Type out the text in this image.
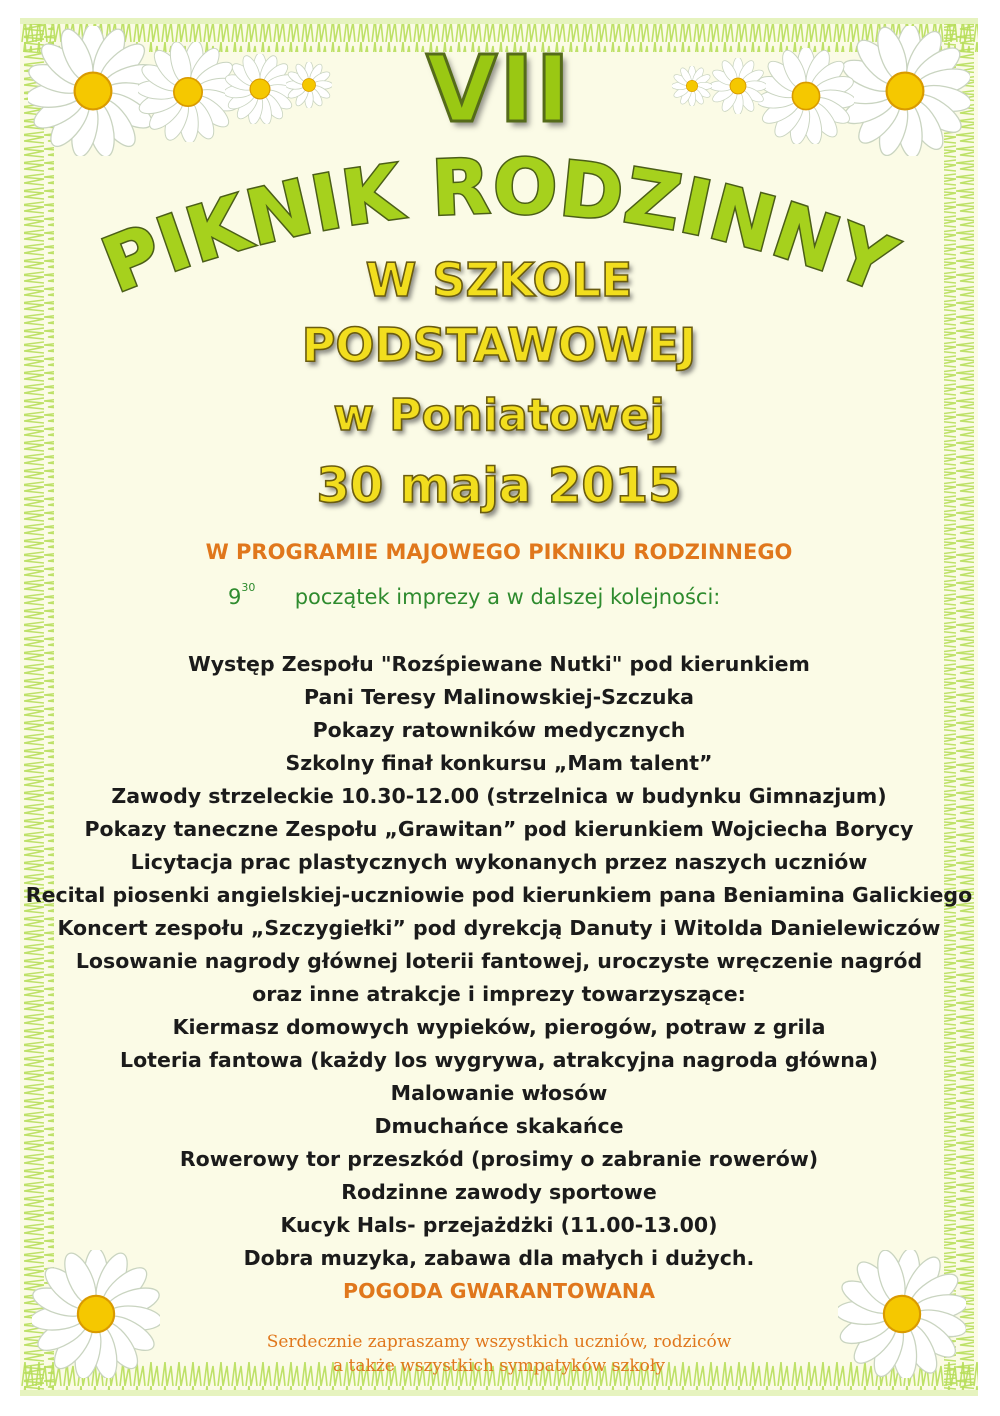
VII
PIKNIK RODZINNY
W SZKOLE
PODSTAWOWEJ
w Poniatowej
30 maja 2015
W PROGRAMIE MAJOWEGO PIKNIKU RODZINNEGO
$9^{30}$ początek imprezy a w dalszej kolejności:
Występ Zespołu "Rozśpiewane Nutki" pod kierunkiem
Pani Teresy Malinowskiej-Szczuka
Pokazy ratowników medycznych
Szkolny finał konkursu „Mam talent”
Zawody strzeleckie 10.30-12.00 (strzelnica w budynku Gimnazjum)
Pokazy taneczne Zespołu „Grawitan” pod kierunkiem Wojciecha Borycy
Licytacja prac plastycznych wykonanych przez naszych uczniów
Recital piosenki angielskiej-uczniowie pod kierunkiem pana Beniamina Galickiego
Koncert zespołu „Szczygiełki” pod dyrekcją Danuty i Witolda Danielewiczów
Losowanie nagrody głównej loterii fantowej, uroczyste wręczenie nagród
oraz inne atrakcje i imprezy towarzyszące:
Kiermasz domowych wypieków, pierogów, potraw z grila
Loteria fantowa (każdy los wygrywa, atrakcyjna nagroda główna)
Malowanie włosów
Dmuchańce skakańce
Rowerowy tor przeszkód (prosimy o zabranie rowerów)
Rodzinne zawody sportowe
Kucyk Hals- przejażdżki (11.00-13.00)
Dobra muzyka, zabawa dla małych i dużych.
POGODA GWARANTOWANA
Serdecznie zapraszamy wszystkich uczniów, rodziców
a także wszystkich sympatyków szkoły
